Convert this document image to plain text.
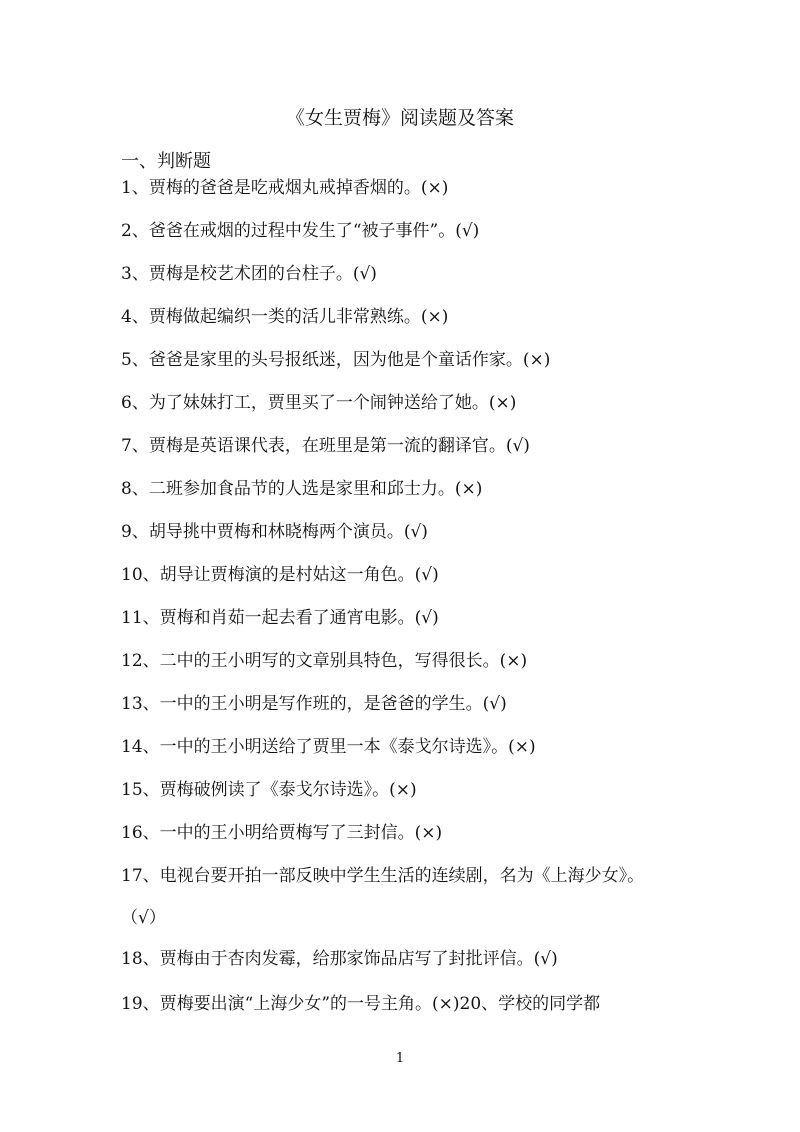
《女生贾梅》阅读题及答案
一、判断题
1、贾梅的爸爸是吃戒烟丸戒掉香烟的。(×)
2、爸爸在戒烟的过程中发生了“被子事件”。(√)
3、贾梅是校艺术团的台柱子。(√)
4、贾梅做起编织一类的活儿非常熟练。(×)
5、爸爸是家里的头号报纸迷，因为他是个童话作家。(×)
6、为了妹妹打工，贾里买了一个闹钟送给了她。(×)
7、贾梅是英语课代表，在班里是第一流的翻译官。(√)
8、二班参加食品节的人选是家里和邱士力。(×)
9、胡导挑中贾梅和林晓梅两个演员。(√)
10、胡导让贾梅演的是村姑这一角色。(√)
11、贾梅和肖茹一起去看了通宵电影。(√)
12、二中的王小明写的文章别具特色，写得很长。(×)
13、一中的王小明是写作班的，是爸爸的学生。(√)
14、一中的王小明送给了贾里一本《泰戈尔诗选》。(×)
15、贾梅破例读了《泰戈尔诗选》。(×)
16、一中的王小明给贾梅写了三封信。(×)
17、电视台要开拍一部反映中学生生活的连续剧，名为《上海少女》。
（√）
18、贾梅由于杏肉发霉，给那家饰品店写了封批评信。(√)
19、贾梅要出演“上海少女”的一号主角。(×)20、学校的同学都
1
